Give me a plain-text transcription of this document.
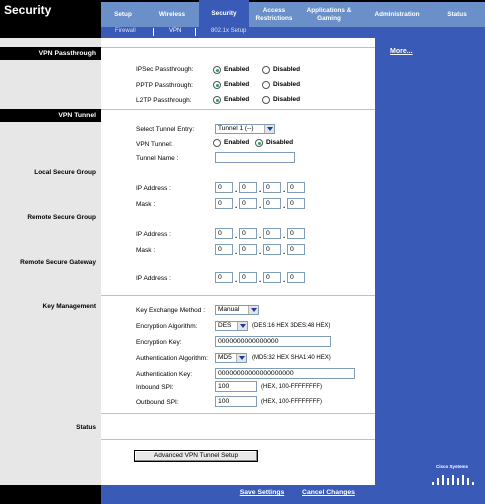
Security	Setup	Wireless	Security	Access Restrictions
Applications & Gaming
Administration	Status
Firewall	VPN	802.1x Setup
VPN Passthrough
VPN Tunnel
Local Secure Group
Remote Secure Group
Remote Secure Gateway
Key Management
Status
IPSec Passthrough:	Enabled	Disabled
PPTP Passthrough:	Enabled	Disabled
L2TP Passthrough:	Enabled	Disabled
Select Tunnel Entry:	Tunnel 1 (--)
VPN Tunnel:	Enabled	Disabled
Tunnel Name :
IP Address :	0	. 0	. 0	. 0
Mask :	0	. 0	. 0	. 0
IP Address :	0	. 0	. 0	. 0
Mask :	0	. 0	. 0	. 0
IP Address :	0	. 0	. 0	. 0
Key Exchange Method :	Manual
Encryption Algorithm:	DES	(DES:16 HEX 3DES:48 HEX)
Encryption Key:	0000000000000000
Authentication Algorithm:	MD5	(MD5:32 HEX SHA1:40 HEX)
Authentication Key:	00000000000000000000
Inbound SPI:	100	(HEX, 100-FFFFFFFF)
Outbound SPI:	100	(HEX, 100-FFFFFFFF)
Advanced VPN Tunnel Setup
More...
Cisco Systems
Save Settings	Cancel Changes
